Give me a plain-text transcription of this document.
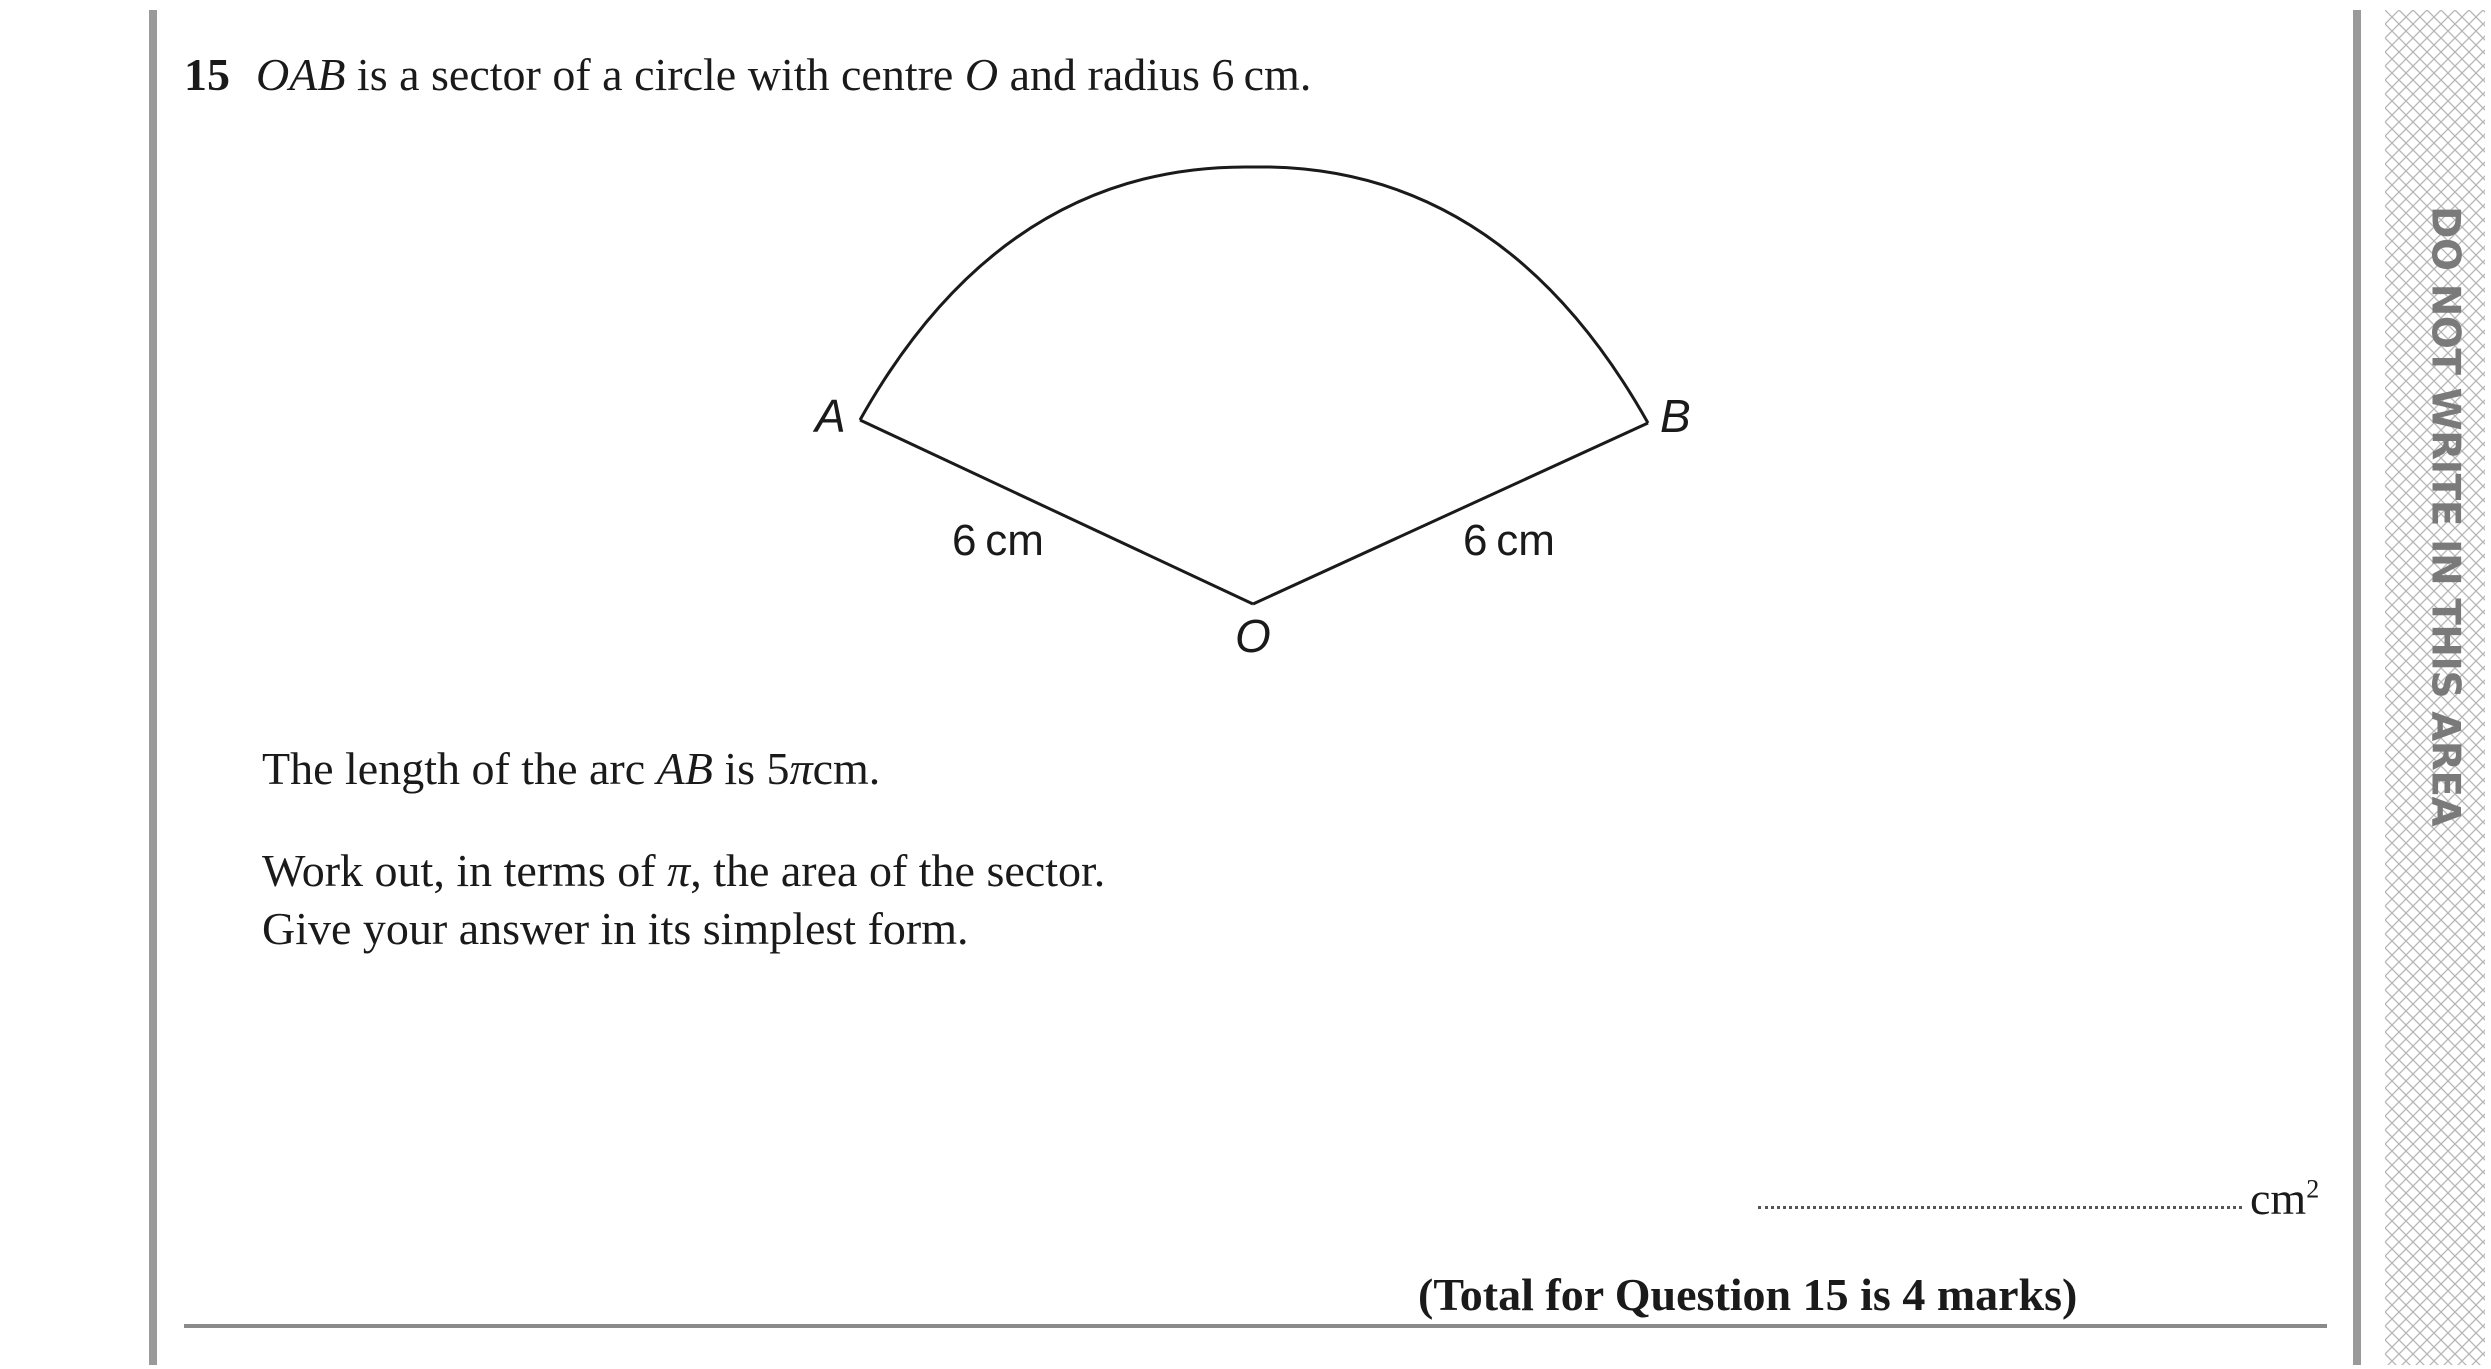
DO NOT WRITE IN THIS AREA
15 OAB is a sector of a circle with centre O and radius 6 cm.
A	B
O
6 cm	6 cm
The length of the arc AB is 5πcm.
Work out, in terms of π, the area of the sector.
Give your answer in its simplest form.
$cm^2$
(Total for Question 15 is 4 marks)
